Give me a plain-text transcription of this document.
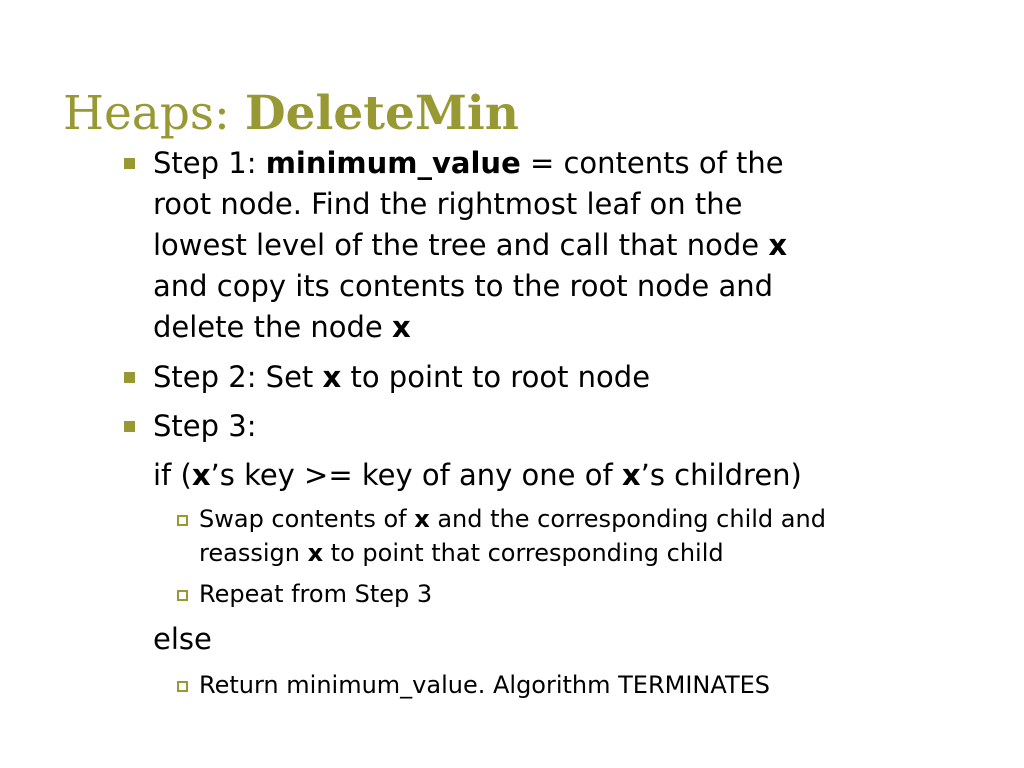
Heaps: DeleteMin
Step 1: minimum_value = contents of the
root node. Find the rightmost leaf on the
lowest level of the tree and call that node x
and copy its contents to the root node and
delete the node x
Step 2: Set x to point to root node
Step 3:
if (x’s key >= key of any one of x’s children)
Swap contents of x and the corresponding child and
reassign x to point that corresponding child
Repeat from Step 3
else
Return minimum_value. Algorithm TERMINATES
